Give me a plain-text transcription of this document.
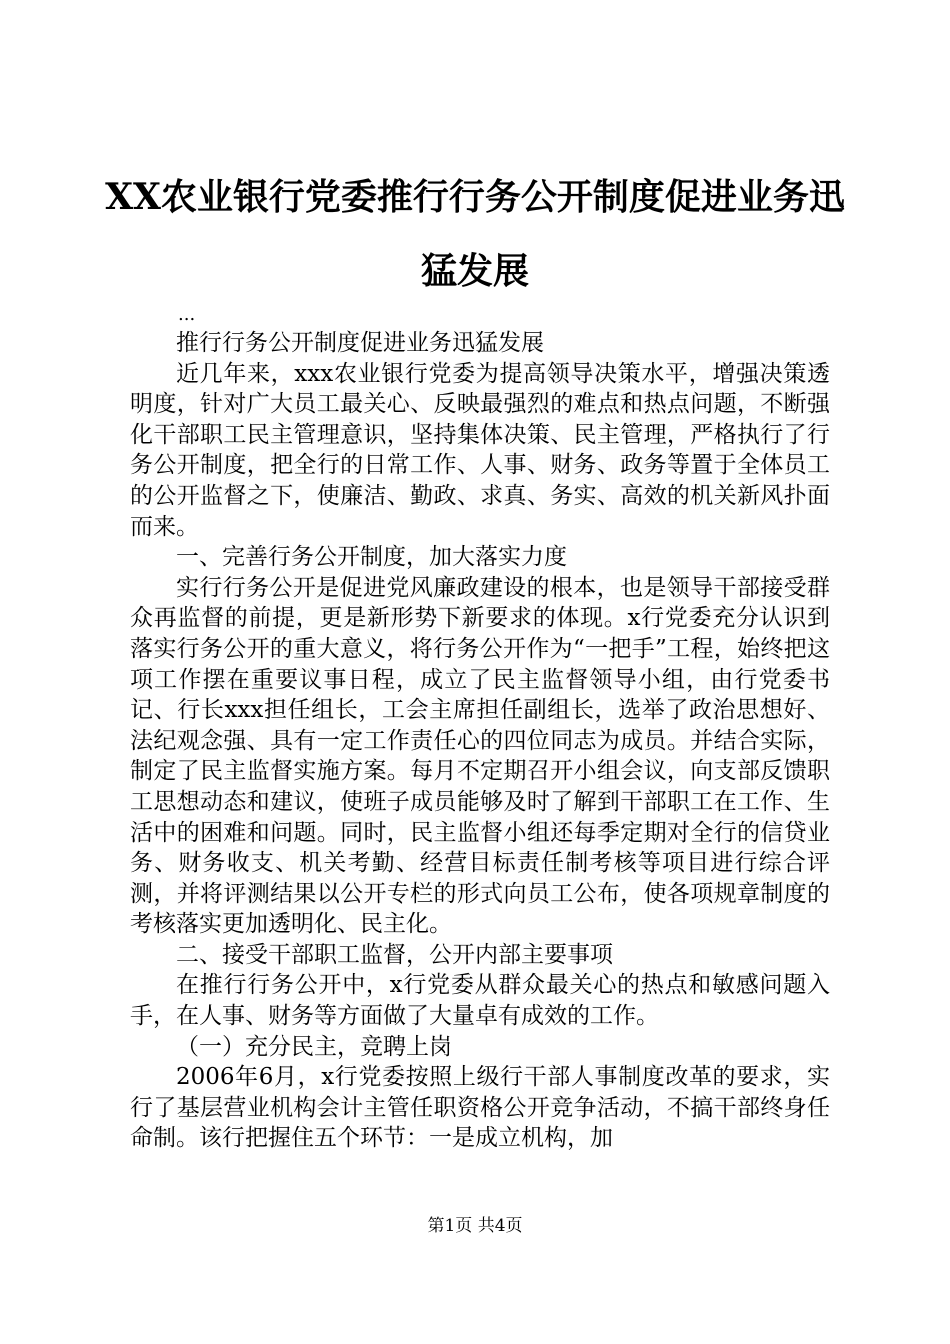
XX农业银行党委推行行务公开制度促进业务迅猛发展

...

推行行务公开制度促进业务迅猛发展

近几年来，xxx农业银行党委为提高领导决策水平，增强决策透明度，针对广大员工最关心、反映最强烈的难点和热点问题，不断强化干部职工民主管理意识，坚持集体决策、民主管理，严格执行了行务公开制度，把全行的日常工作、人事、财务、政务等置于全体员工的公开监督之下，使廉洁、勤政、求真、务实、高效的机关新风扑面而来。

一、完善行务公开制度，加大落实力度

实行行务公开是促进党风廉政建设的根本，也是领导干部接受群众再监督的前提，更是新形势下新要求的体现。x行党委充分认识到落实行务公开的重大意义，将行务公开作为“一把手”工程，始终把这项工作摆在重要议事日程，成立了民主监督领导小组，由行党委书记、行长xxx担任组长，工会主席担任副组长，选举了政治思想好、法纪观念强、具有一定工作责任心的四位同志为成员。并结合实际，制定了民主监督实施方案。每月不定期召开小组会议，向支部反馈职工思想动态和建议，使班子成员能够及时了解到干部职工在工作、生活中的困难和问题。同时，民主监督小组还每季定期对全行的信贷业务、财务收支、机关考勤、经营目标责任制考核等项目进行综合评测，并将评测结果以公开专栏的形式向员工公布，使各项规章制度的考核落实更加透明化、民主化。

二、接受干部职工监督，公开内部主要事项

在推行行务公开中，x行党委从群众最关心的热点和敏感问题入手，在人事、财务等方面做了大量卓有成效的工作。

（一）充分民主，竞聘上岗

2006年6月，x行党委按照上级行干部人事制度改革的要求，实行了基层营业机构会计主管任职资格公开竞争活动，不搞干部终身任命制。该行把握住五个环节：一是成立机构，加

第1页 共4页
